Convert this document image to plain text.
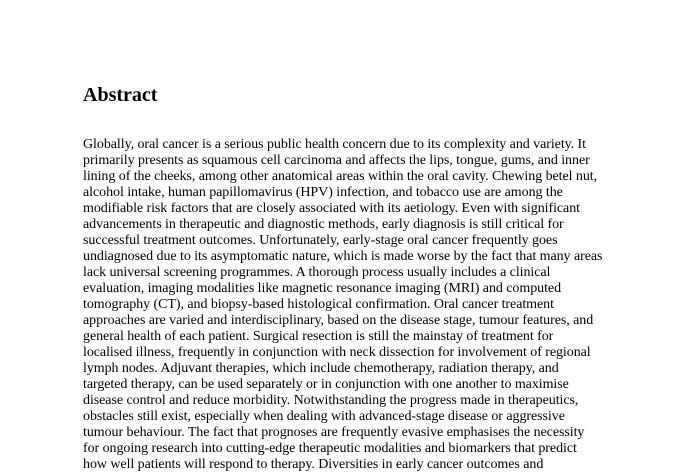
Abstract
Globally, oral cancer is a serious public health concern due to its complexity and variety. It
primarily presents as squamous cell carcinoma and affects the lips, tongue, gums, and inner
lining of the cheeks, among other anatomical areas within the oral cavity. Chewing betel nut,
alcohol intake, human papillomavirus (HPV) infection, and tobacco use are among the
modifiable risk factors that are closely associated with its aetiology. Even with significant
advancements in therapeutic and diagnostic methods, early diagnosis is still critical for
successful treatment outcomes. Unfortunately, early-stage oral cancer frequently goes
undiagnosed due to its asymptomatic nature, which is made worse by the fact that many areas
lack universal screening programmes. A thorough process usually includes a clinical
evaluation, imaging modalities like magnetic resonance imaging (MRI) and computed
tomography (CT), and biopsy-based histological confirmation. Oral cancer treatment
approaches are varied and interdisciplinary, based on the disease stage, tumour features, and
general health of each patient. Surgical resection is still the mainstay of treatment for
localised illness, frequently in conjunction with neck dissection for involvement of regional
lymph nodes. Adjuvant therapies, which include chemotherapy, radiation therapy, and
targeted therapy, can be used separately or in conjunction with one another to maximise
disease control and reduce morbidity. Notwithstanding the progress made in therapeutics,
obstacles still exist, especially when dealing with advanced-stage disease or aggressive
tumour behaviour. The fact that prognoses are frequently evasive emphasises the necessity
for ongoing research into cutting-edge therapeutic modalities and biomarkers that predict
how well patients will respond to therapy. Diversities in early cancer outcomes and
